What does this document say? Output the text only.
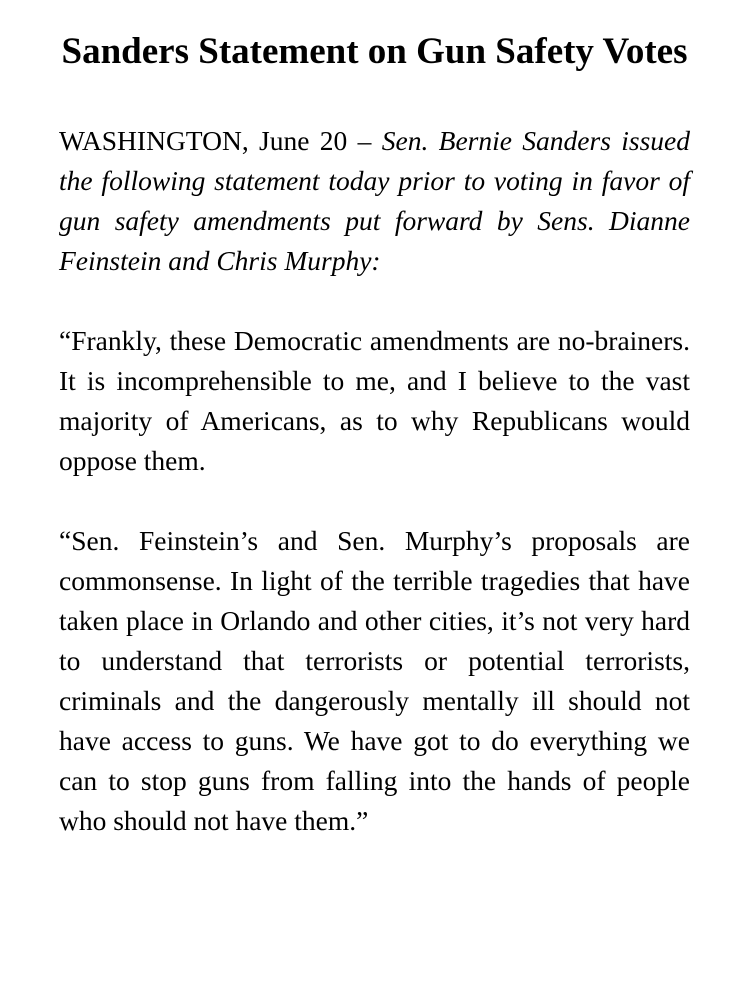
Sanders Statement on Gun Safety Votes

WASHINGTON, June 20 – Sen. Bernie Sanders issued the following statement today prior to voting in favor of gun safety amendments put forward by Sens. Dianne Feinstein and Chris Murphy:

“Frankly, these Democratic amendments are no-brainers. It is incomprehensible to me, and I believe to the vast majority of Americans, as to why Republicans would oppose them.

“Sen. Feinstein’s and Sen. Murphy’s proposals are commonsense. In light of the terrible tragedies that have taken place in Orlando and other cities, it’s not very hard to understand that terrorists or potential terrorists, criminals and the dangerously mentally ill should not have access to guns. We have got to do everything we can to stop guns from falling into the hands of people who should not have them.”
